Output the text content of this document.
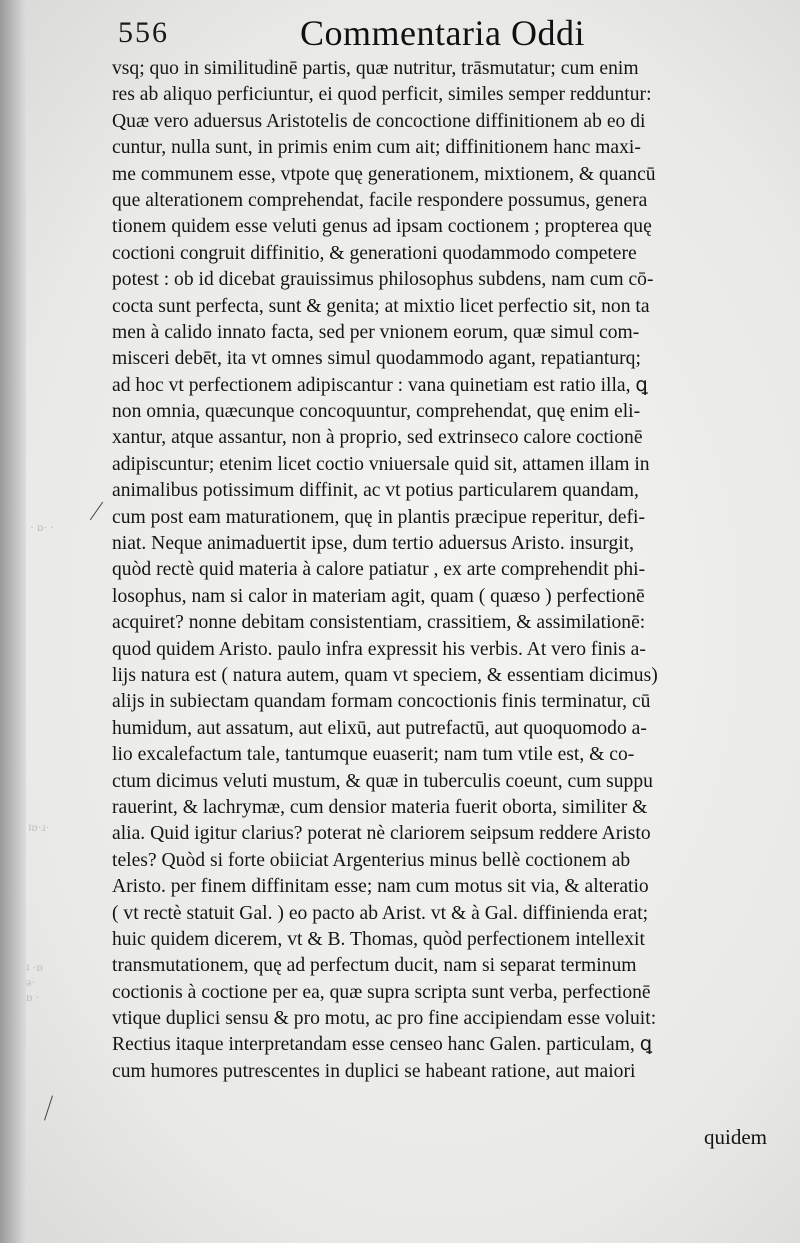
· ɒ· ·
ʇɒ·ɹ·
ʇ ·ɒ
ǝ·
ɒ ·
556	Commentaria Oddi
vsq; quo in similitudinē partis, quæ nutritur, trāsmutatur; cum enim
res ab aliquo perficiuntur, ei quod perficit, similes semper redduntur:
Quæ vero aduersus Aristotelis de concoctione diffinitionem ab eo di
cuntur, nulla sunt, in primis enim cum ait; diffinitionem hanc maxi-
me communem esse, vtpote quę generationem, mixtionem, & quancū
que alterationem comprehendat, facile respondere possumus, genera
tionem quidem esse veluti genus ad ipsam coctionem ; propterea quę
coctioni congruit diffinitio, & generationi quodammodo competere
potest : ob id dicebat grauissimus philosophus subdens, nam cum cō-
cocta sunt perfecta, sunt & genita; at mixtio licet perfectio sit, non ta
men à calido innato facta, sed per vnionem eorum, quæ simul com-
misceri debēt, ita vt omnes simul quodammodo agant, repatianturq;
ad hoc vt perfectionem adipiscantur : vana quinetiam est ratio illa, ꝗ
non omnia, quæcunque concoquuntur, comprehendat, quę enim eli-
xantur, atque assantur, non à proprio, sed extrinseco calore coctionē
adipiscuntur; etenim licet coctio vniuersale quid sit, attamen illam in
animalibus potissimum diffinit, ac vt potius particularem quandam,
cum post eam maturationem, quę in plantis præcipue reperitur, defi-
niat. Neque animaduertit ipse, dum tertio aduersus Aristo. insurgit,
quòd rectè quid materia à calore patiatur , ex arte comprehendit phi-
losophus, nam si calor in materiam agit, quam ( quæso ) perfectionē
acquiret? nonne debitam consistentiam, crassitiem, & assimilationē:
quod quidem Aristo. paulo infra expressit his verbis. At vero finis a-
lijs natura est ( natura autem, quam vt speciem, & essentiam dicimus)
alijs in subiectam quandam formam concoctionis finis terminatur, cū
humidum, aut assatum, aut elixū, aut putrefactū, aut quoquomodo a-
lio excalefactum tale, tantumque euaserit; nam tum vtile est, & co-
ctum dicimus veluti mustum, & quæ in tuberculis coeunt, cum suppu
rauerint, & lachrymæ, cum densior materia fuerit oborta, similiter &
alia. Quid igitur clarius? poterat nè clariorem seipsum reddere Aristo
teles? Quòd si forte obiiciat Argenterius minus bellè coctionem ab
Aristo. per finem diffinitam esse; nam cum motus sit via, & alteratio
( vt rectè statuit Gal. ) eo pacto ab Arist. vt & à Gal. diffinienda erat;
huic quidem dicerem, vt & B. Thomas, quòd perfectionem intellexit
transmutationem, quę ad perfectum ducit, nam si separat terminum
coctionis à coctione per ea, quæ supra scripta sunt verba, perfectionē
vtique duplici sensu & pro motu, ac pro fine accipiendam esse voluit:
Rectius itaque interpretandam esse censeo hanc Galen. particulam, ꝗ
cum humores putrescentes in duplici se habeant ratione, aut maiori
quidem
